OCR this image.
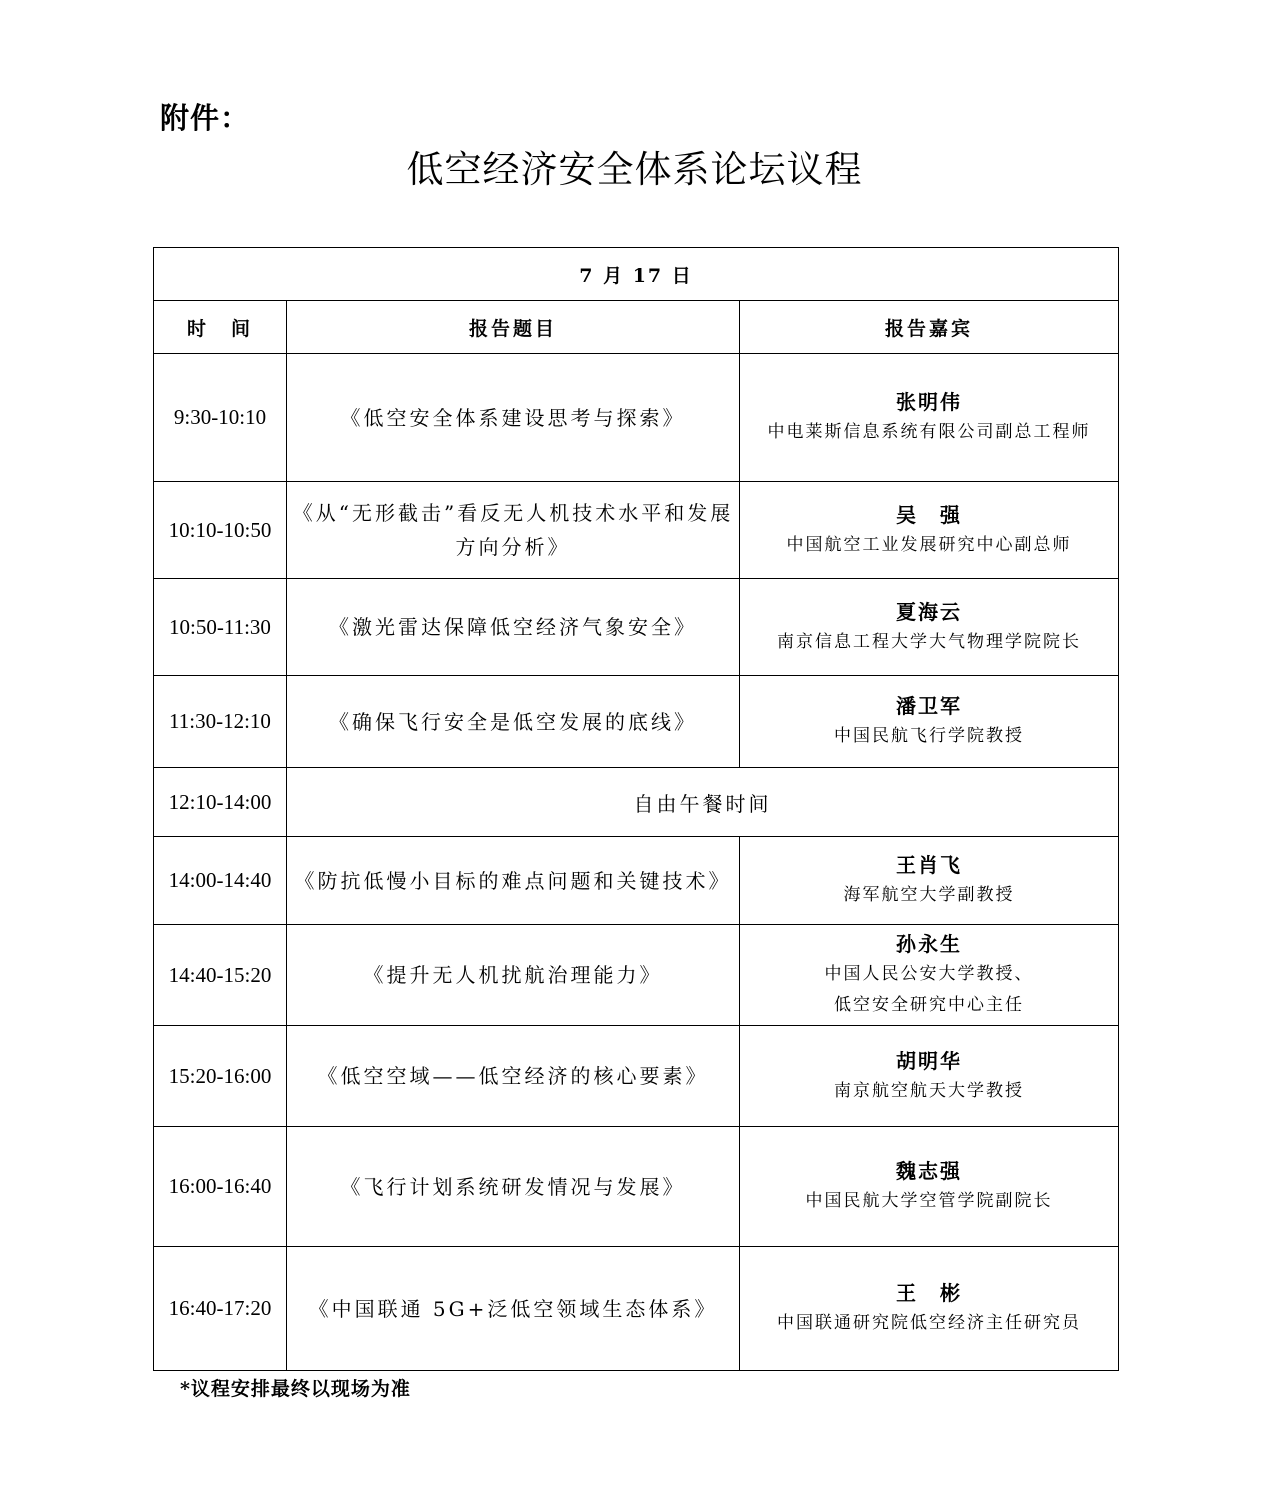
附件：
低空经济安全体系论坛议程
7 月 17 日		
时　间	报告题目	报告嘉宾
9:30-10:10	《低空安全体系建设思考与探索》	张明伟
中电莱斯信息系统有限公司副总工程师

10:10-10:50	《从“无形截击”看反无人机技术水平和发展方向分析》	吴　强
中国航空工业发展研究中心副总师

10:50-11:30	《激光雷达保障低空经济气象安全》	夏海云
南京信息工程大学大气物理学院院长

11:30-12:10	《确保飞行安全是低空发展的底线》	潘卫军
中国民航飞行学院教授

12:10-14:00	自由午餐时间	
14:00-14:40	《防抗低慢小目标的难点问题和关键技术》	王肖飞
海军航空大学副教授

14:40-15:20	《提升无人机扰航治理能力》	孙永生
中国人民公安大学教授、
低空安全研究中心主任

15:20-16:00	《低空空域——低空经济的核心要素》	胡明华
南京航空航天大学教授

16:00-16:40	《飞行计划系统研发情况与发展》	魏志强
中国民航大学空管学院副院长

16:40-17:20	《中国联通 5G+泛低空领域生态体系》	王　彬
中国联通研究院低空经济主任研究员
*议程安排最终以现场为准
